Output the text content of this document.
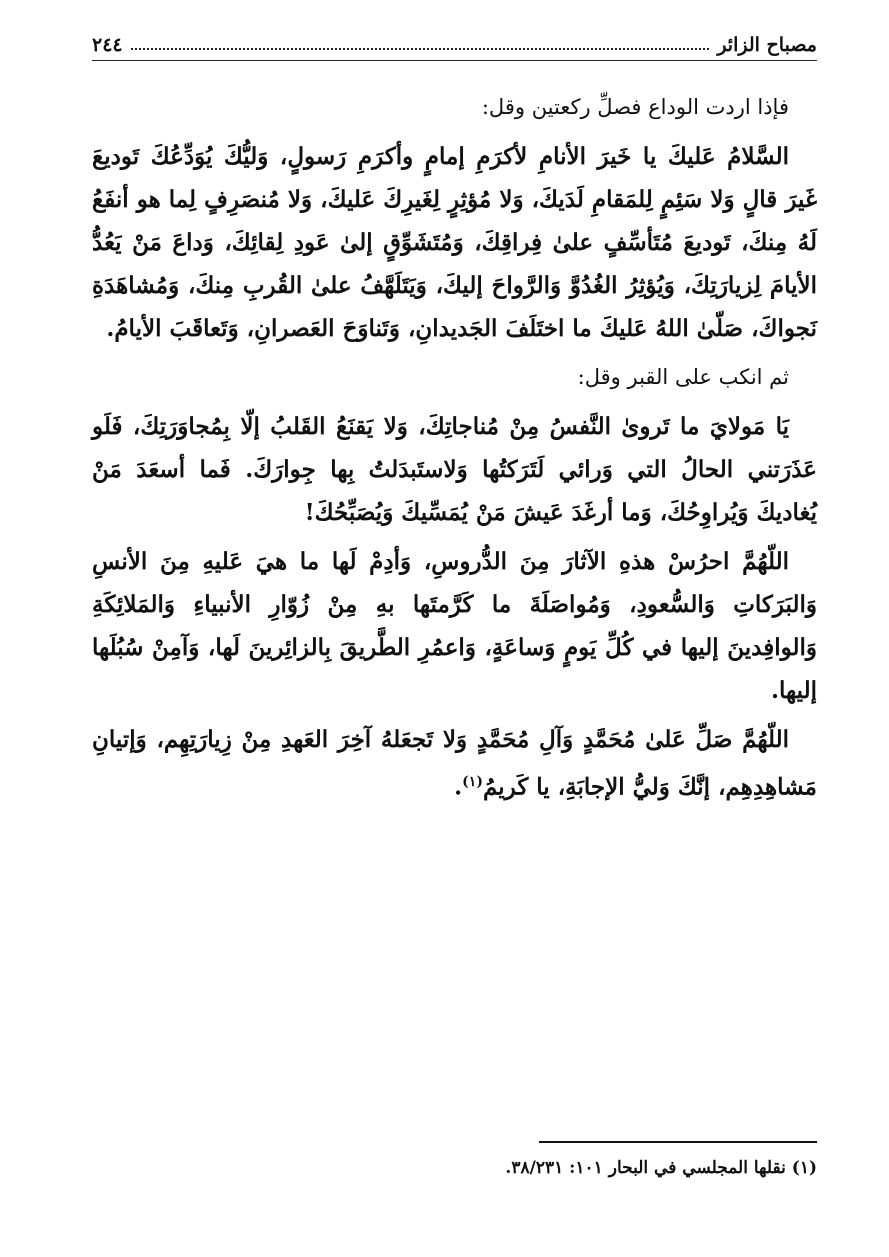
مصباح الزائر
٢٤٤

فإذا اردت الوداع فصلِّ ركعتين وقل:

السَّلامُ عَليكَ يا خَيرَ الأنامِ لأكرَمِ إمامٍ وأكرَمِ رَسولٍ، وَليُّكَ يُوَدِّعُكَ تَوديعَ غَيرَ قالٍ وَلا سَئِمٍ لِلمَقامِ لَدَيكَ، وَلا مُؤثِرٍ لِغَيرِكَ عَليكَ، وَلا مُنصَرِفٍ لِما هو أنفَعُ لَهُ مِنكَ، تَوديعَ مُتَأسِّفٍ علىٰ فِراقِكَ، وَمُتَشَوِّقٍ إلىٰ عَودِ لِقائِكَ، وَداعَ مَنْ يَعُدُّ الأيامَ لِزيارَتِكَ، وَيُؤثِرُ الغُدُوَّ وَالرَّواحَ إليكَ، وَيَتَلَهَّفُ علىٰ القُربِ مِنكَ، وَمُشاهَدَةِ نَجواكَ، صَلّىٰ اللهُ عَليكَ ما اختَلَفَ الجَديدانِ، وَتَناوَحَ العَصرانِ، وَتَعاقَبَ الأيامُ.

ثم انكب على القبر وقل:

يَا مَولايَ ما تَروىٰ النَّفسُ مِنْ مُناجاتِكَ، وَلا يَقنَعُ القَلبُ إلّا بِمُجاوَرَتِكَ، فَلَو عَذَرَتني الحالُ التي وَرائي لَتَرَكتُها وَلاستَبدَلتُ بِها جِوارَكَ. فَما أسعَدَ مَنْ يُغاديكَ وَيُراوِحُكَ، وَما أرغَدَ عَيشَ مَنْ يُمَسِّيكَ وَيُصَبِّحُكَ!

اللّهُمَّ احرُسْ هذهِ الآثارَ مِنَ الدُّروسِ، وَأدِمْ لَها ما هيَ عَليهِ مِنَ الأنسِ وَالبَرَكاتِ وَالسُّعودِ، وَمُواصَلَةَ ما كَرَّمتَها بهِ مِنْ زُوّارِ الأنبياءِ وَالمَلائِكَةِ وَالوافِدينَ إليها في كُلِّ يَومٍ وَساعَةٍ، وَاعمُرِ الطَّريقَ بِالزائِرينَ لَها، وَآمِنْ سُبُلَها إليها.

اللّهُمَّ صَلِّ عَلىٰ مُحَمَّدٍ وَآلِ مُحَمَّدٍ وَلا تَجعَلهُ آخِرَ العَهدِ مِنْ زِيارَتِهِم، وَإتيانِ مَشاهِدِهِم، إنَّكَ وَليُّ الإجابَةِ، يا كَريمُ$^{(١)}$.

(١) نقلها المجلسي في البحار ١٠١: ٣٨/٢٣١.
